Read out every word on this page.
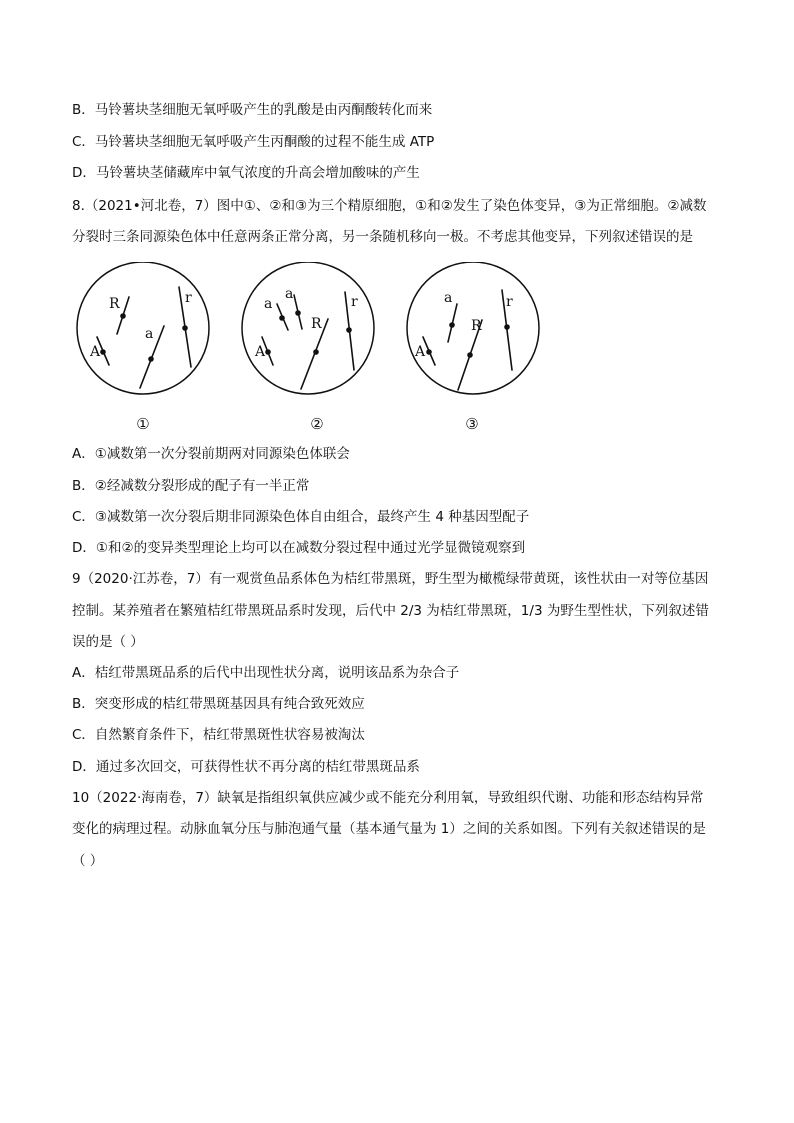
B．马铃薯块茎细胞无氧呼吸产生的乳酸是由丙酮酸转化而来
C．马铃薯块茎细胞无氧呼吸产生丙酮酸的过程不能生成 ATP
D．马铃薯块茎储藏库中氧气浓度的升高会增加酸味的产生
8.（2021•河北卷，7）图中①、②和③为三个精原细胞，①和②发生了染色体变异，③为正常细胞。②减数
分裂时三条同源染色体中任意两条正常分离，另一条随机移向一极。不考虑其他变异，下列叙述错误的是
R
A
a
r	a
a
A
R
r	a
A
R
r
①	②	③
A．①减数第一次分裂前期两对同源染色体联会
B．②经减数分裂形成的配子有一半正常
C．③减数第一次分裂后期非同源染色体自由组合，最终产生 4 种基因型配子
D．①和②的变异类型理论上均可以在减数分裂过程中通过光学显微镜观察到
9（2020·江苏卷，7）有一观赏鱼品系体色为桔红带黑斑，野生型为橄榄绿带黄斑，该性状由一对等位基因
控制。某养殖者在繁殖桔红带黑斑品系时发现，后代中 2/3 为桔红带黑斑，1/3 为野生型性状，下列叙述错
误的是（ ）
A．桔红带黑斑品系的后代中出现性状分离，说明该品系为杂合子
B．突变形成的桔红带黑斑基因具有纯合致死效应
C．自然繁育条件下，桔红带黑斑性状容易被淘汰
D．通过多次回交，可获得性状不再分离的桔红带黑斑品系
10（2022·海南卷，7）缺氧是指组织氧供应减少或不能充分利用氧，导致组织代谢、功能和形态结构异常
变化的病理过程。动脉血氧分压与肺泡通气量（基本通气量为 1）之间的关系如图。下列有关叙述错误的是
（ ）
